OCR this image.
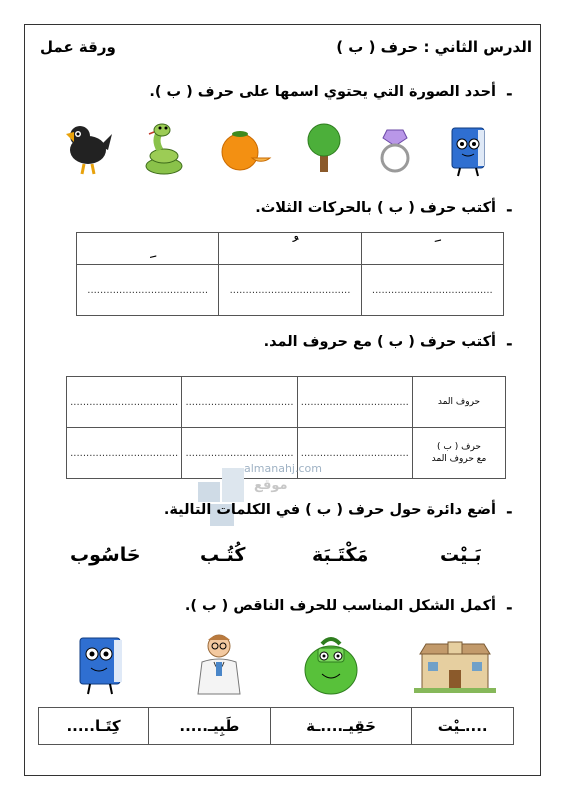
الدرس الثاني : حرف ( ب )
ورقة عمل
-
أحدد الصورة التي يحتوي اسمها على حرف ( ب ).
-
أكتب حرف ( ب ) بالحركات الثلاث.

......................................	......................................	......................................
-
أكتب حرف ( ب ) مع حروف المد.
..................................	..................................	..................................	حروف المد
..................................	..................................	..................................	حرف ( ب )
مع حروف المد
almanahj.com
موقع
-
أضع دائرة حول حرف ( ب ) في الكلمات التالية.
حَاسُوب	كُتُـب	مَكْتَـبَة	بَـيْت
-
أكمل الشكل المناسب للحرف الناقص ( ب ).
كِتَـا.....	طَبِيـ.....	حَقِيـ....ـة	....ـيْت
